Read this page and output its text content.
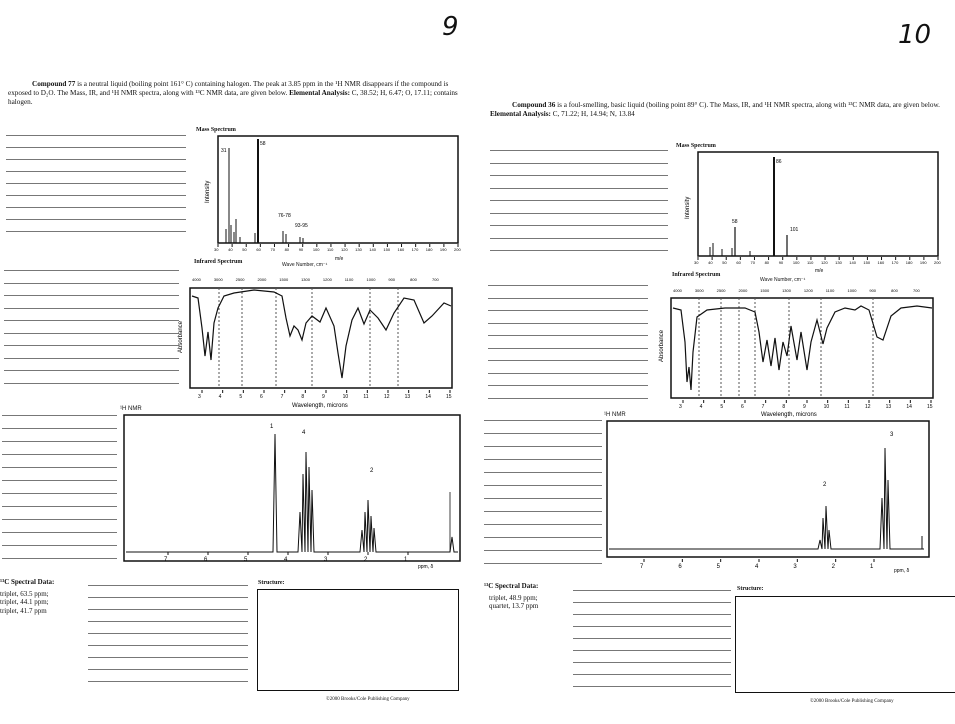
9
Compound 77 is a neutral liquid (boiling point 161° C) containing halogen. The peak at 3.85 ppm in the ¹H NMR disappears if the compound is exposed to D₂O. The Mass, IR, and ¹H NMR spectra, along with ¹³C NMR data, are given below. Elemental Analysis: C, 38.52; H, 6.47; O, 17.11; contains halogen.
Mass Spectrum
Intensity
31
58
76-78
93-95
30 40 50 60 70 80 90 100 110 120 130 140 150 160 170 180 190 200
m/e
Infrared Spectrum	Wave Number, cm⁻¹
4000	3000	2500	2000	1500	1300	1200	1100	1000	900	800	700
Absorbance
3	4	5	6	7	8	9	10	11	12	13	14	15
Wavelength, microns
¹H NMR
1
4
2
7	6	5	4	3	2	1
ppm, δ
¹³C Spectral Data:
triplet, 63.5 ppm;
triplet, 44.1 ppm;
triplet, 41.7 ppm
Structure:
©2000 Brooks/Cole Publishing Company
10
Compound 36 is a foul-smelling, basic liquid (boiling point 89° C). The Mass, IR, and ¹H NMR spectra, along with ¹³C NMR data, are given below. Elemental Analysis: C, 71.22; H, 14.94; N, 13.84
Mass Spectrum
Intensity
86
58
101
30 40 50 60 70 80 90 100 110 120 130 140 150 160 170 180 190 200
m/e
Infrared Spectrum
Wave Number, cm⁻¹
4000	3000	2500	2000	1500	1300	1200	1100	1000	900	800	700
Absorbance
3	4	5	6	7	8	9	10	11	12	13	14	15
Wavelength, microns
¹H NMR
3
2
7	6	5	4	3	2	1
ppm, δ
¹³C Spectral Data:
triplet, 48.9 ppm;
quartet, 13.7 ppm
Structure:
©2000 Brooks/Cole Publishing Company
